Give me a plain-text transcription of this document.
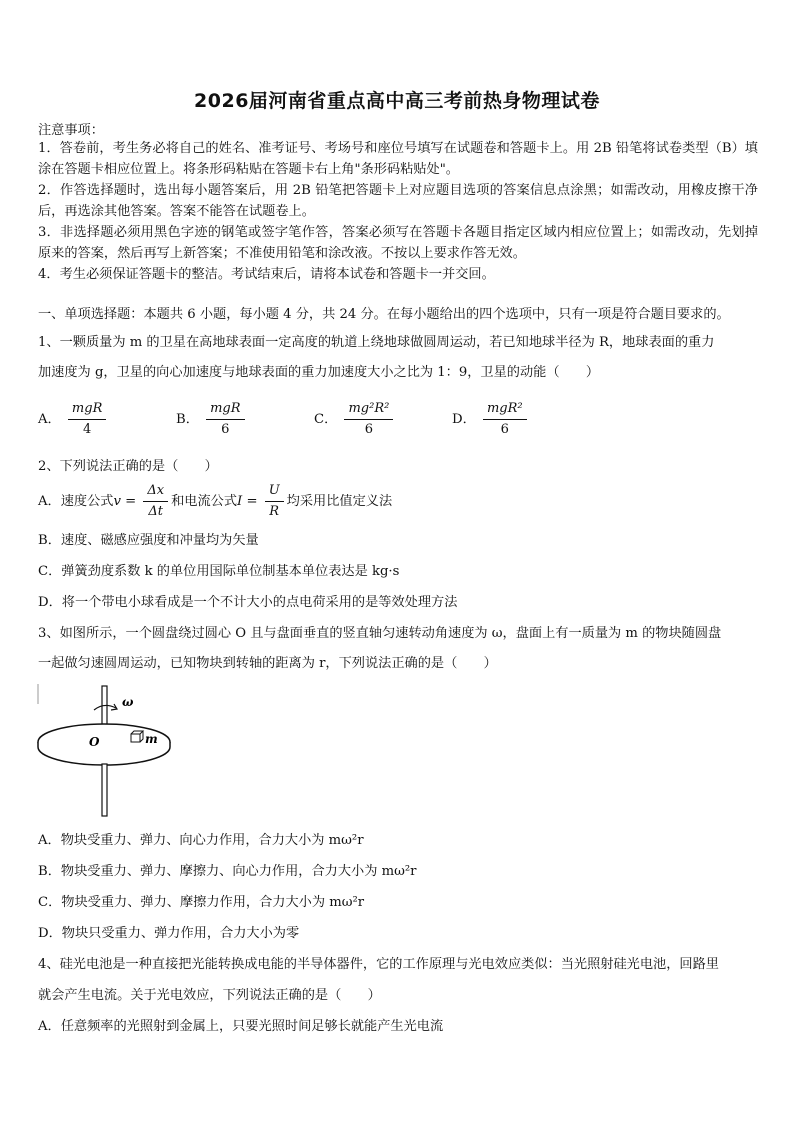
2026届河南省重点高中高三考前热身物理试卷
注意事项：
1．答卷前，考生务必将自己的姓名、准考证号、考场号和座位号填写在试题卷和答题卡上。用 2B 铅笔将试卷类型（B）填涂在答题卡相应位置上。将条形码粘贴在答题卡右上角"条形码粘贴处"。
2．作答选择题时，选出每小题答案后，用 2B 铅笔把答题卡上对应题目选项的答案信息点涂黑；如需改动，用橡皮擦干净后，再选涂其他答案。答案不能答在试题卷上。
3．非选择题必须用黑色字迹的钢笔或签字笔作答，答案必须写在答题卡各题目指定区域内相应位置上；如需改动，先划掉原来的答案，然后再写上新答案；不准使用铅笔和涂改液。不按以上要求作答无效。
4．考生必须保证答题卡的整洁。考试结束后，请将本试卷和答题卡一并交回。
一、单项选择题：本题共 6 小题，每小题 4 分，共 24 分。在每小题给出的四个选项中，只有一项是符合题目要求的。
1、一颗质量为 m 的卫星在高地球表面一定高度的轨道上绕地球做圆周运动，若已知地球半径为 R，地球表面的重力
加速度为 g，卫星的向心加速度与地球表面的重力加速度大小之比为 1：9，卫星的动能（　　）
A． $\frac{\text{mgR}}{4}$	B． $\frac{\text{mgR}}{6}$	C． $\frac{\text{mg²R²}}{6}$	D． $\frac{\text{mgR²}}{6}$
2、下列说法正确的是（　　）
A．速度公式$v = \frac{\Delta x}{\Delta t}$ 和电流公式$I = \frac{U}{R}$ 均采用比值定义法
B．速度、磁感应强度和冲量均为矢量
C．弹簧劲度系数 k 的单位用国际单位制基本单位表达是 kg·s
D．将一个带电小球看成是一个不计大小的点电荷采用的是等效处理方法
3、如图所示，一个圆盘绕过圆心 O 且与盘面垂直的竖直轴匀速转动角速度为 ω，盘面上有一质量为 m 的物块随圆盘
一起做匀速圆周运动，已知物块到转轴的距离为 r，下列说法正确的是（　　）
ω
O	m
A．物块受重力、弹力、向心力作用，合力大小为 mω²r
B．物块受重力、弹力、摩擦力、向心力作用，合力大小为 mω²r
C．物块受重力、弹力、摩擦力作用，合力大小为 mω²r
D．物块只受重力、弹力作用，合力大小为零
4、硅光电池是一种直接把光能转换成电能的半导体器件，它的工作原理与光电效应类似：当光照射硅光电池，回路里
就会产生电流。关于光电效应，下列说法正确的是（　　）
A．任意频率的光照射到金属上，只要光照时间足够长就能产生光电流
